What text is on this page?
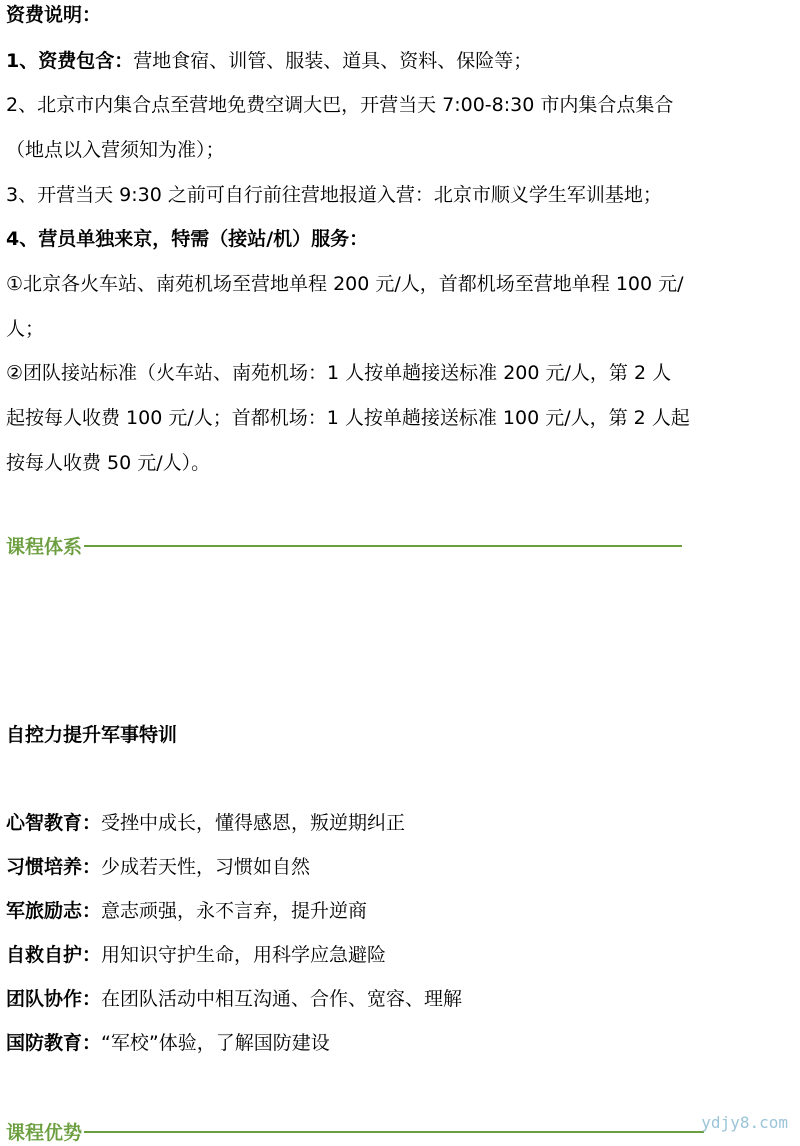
资费说明：
1、资费包含：营地食宿、训管、服装、道具、资料、保险等；
2、北京市内集合点至营地免费空调大巴，开营当天 7:00-8:30 市内集合点集合
（地点以入营须知为准）；
3、开营当天 9:30 之前可自行前往营地报道入营：北京市顺义学生军训基地；
4、营员单独来京，特需（接站/机）服务：
①北京各火车站、南苑机场至营地单程 200 元/人，首都机场至营地单程 100 元/
人；
②团队接站标准（火车站、南苑机场：1 人按单趟接送标准 200 元/人，第 2 人
起按每人收费 100 元/人；首都机场：1 人按单趟接送标准 100 元/人，第 2 人起
按每人收费 50 元/人）。
课程体系
自控力提升军事特训
心智教育：受挫中成长，懂得感恩，叛逆期纠正
习惯培养：少成若天性，习惯如自然
军旅励志：意志顽强，永不言弃，提升逆商
自救自护：用知识守护生命，用科学应急避险
团队协作：在团队活动中相互沟通、合作、宽容、理解
国防教育：“军校”体验，了解国防建设
课程优势	ydjy8.com
